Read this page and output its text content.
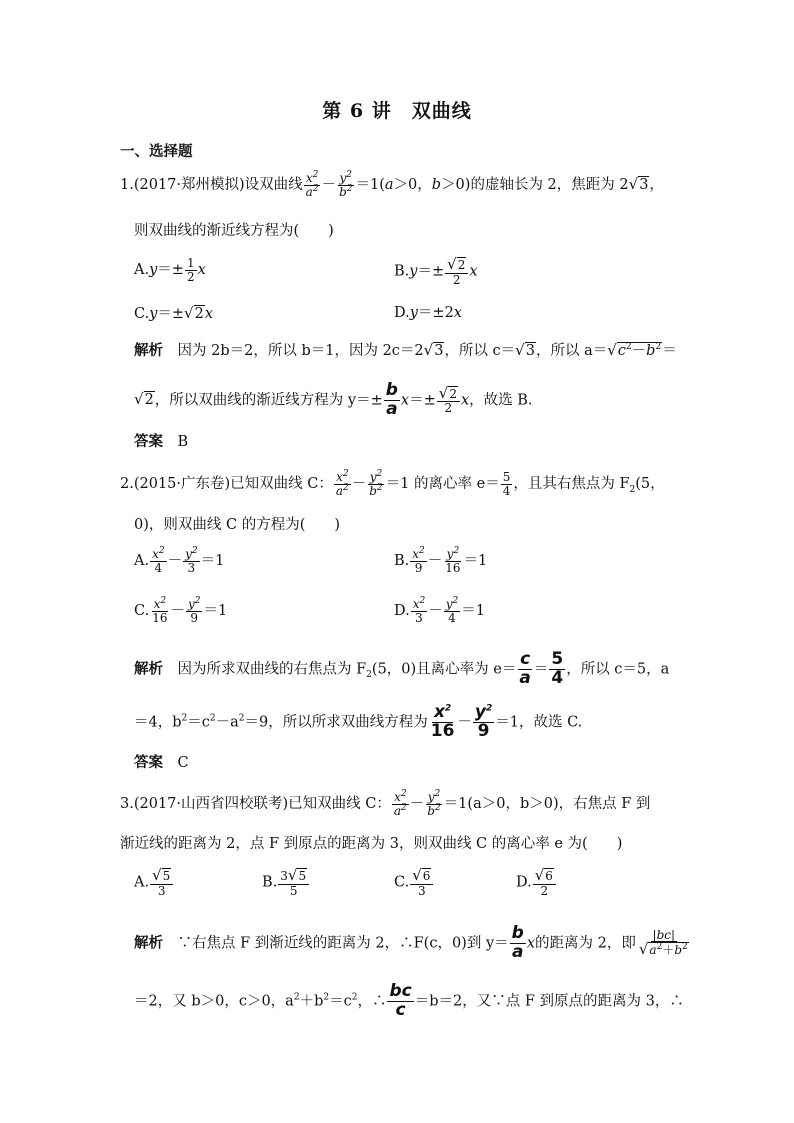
第 6 讲　双曲线
一、选择题
1.(2017·郑州模拟)设双曲线 $\frac{x^2}{a^2} - \frac{y^2}{b^2} =1(a>0$，b＞0)的虚轴长为 2，焦距为 2√3，
则双曲线的渐近线方程为(　　)
$A.y=\pm \frac{1}{2}$ x	$B.y=\pm \frac{√2}{2}$ x
C.y＝±√2x	D.y＝±2x
解析　 因为 2b＝2，所以 b＝1，因为 2c＝2√3，所以 c＝√3，所以 $a=√c^2-b^2=$
√2，所以双曲线的渐近线方程为 $y=\pm \frac{b}{a} x=\pm \frac{√2}{2}$ x，故选 B.
答案　 B
2.(2015·广东卷)已知双曲线 C： $\frac{x^2}{a^2} - \frac{y^2}{b^2} =1$ 的离心率 $e= \frac{5}{4}$ ，且其右焦点为 $F_2(5$，
0)，则双曲线 C 的方程为(　　)
A. $\frac{x^2}{4} - \frac{y^2}{3} =1$	B. $\frac{x^2}{9} - \frac{y^2}{16} =1$
C. $\frac{x^2}{16} - \frac{y^2}{9} =1$	D. $\frac{x^2}{3} - \frac{y^2}{4} =1$
解析　 因为所求双曲线的右焦点为 $F_2(5$，0)且离心率为 $e= \frac{c}{a} = \frac{5}{4}$ ，所以 c＝5，a
＝4，$b^2=c^2-a^2=9$，所以所求双曲线方程为 $\frac{x^2}{16} - \frac{y^2}{9} =1$，故选 C.
答案　 C
3.(2017·山西省四校联考)已知双曲线 C： $\frac{x^2}{a^2} - \frac{y^2}{b^2} =1(a>0$，b＞0)，右焦点 F 到
渐近线的距离为 2，点 F 到原点的距离为 3，则双曲线 C 的离心率 e 为(　　)
A. $\frac{√5}{3}$	B. $\frac{3√5}{5}$	C. $\frac{√6}{3}$	D. $\frac{√6}{2}$
解析　 ∵右焦点 F 到渐近线的距离为 2，∴F(c，0)到 $y= \frac{b}{a}$ x的距离为 2，即 $\frac{|bc|}{√a^2+b^2}$
＝2，又 b＞0，c＞0，$a^2+b^2=c^2$，∴ $\frac{bc}{c} =b=2$，又∵点 F 到原点的距离为 3，∴
